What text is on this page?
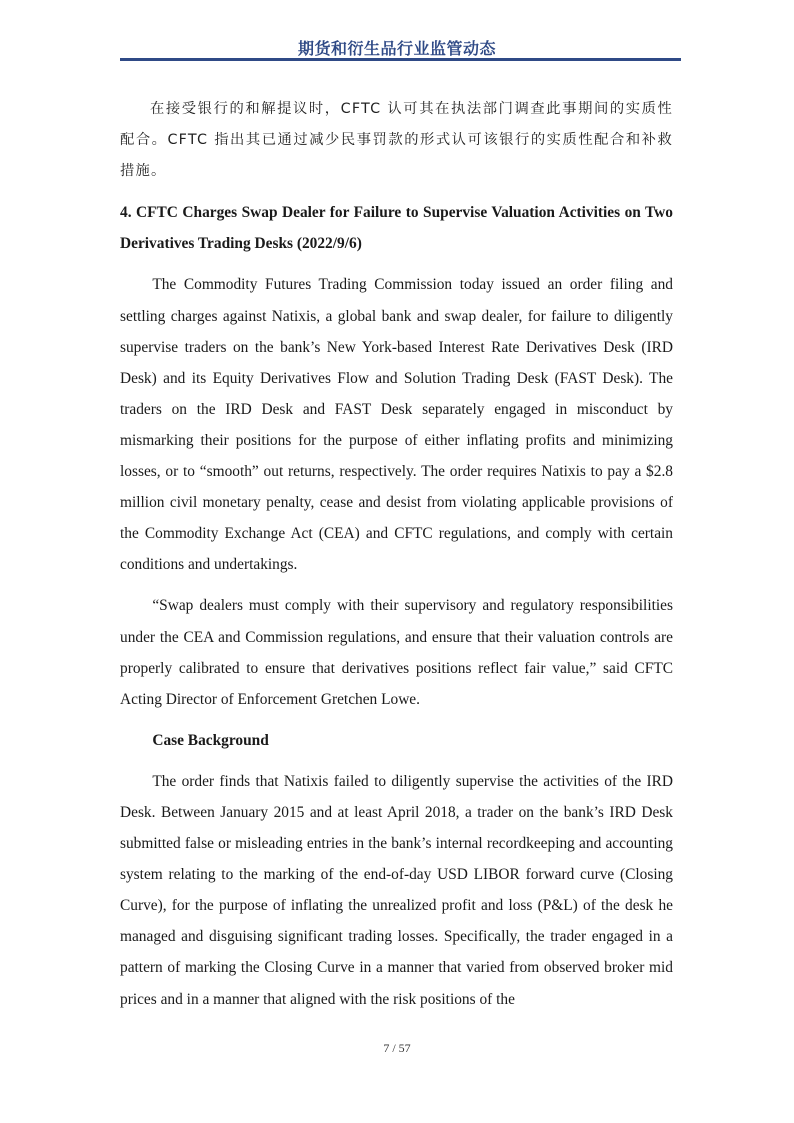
期货和衍生品行业监管动态

在接受银行的和解提议时，CFTC 认可其在执法部门调查此事期间的实质性配合。CFTC 指出其已通过减少民事罚款的形式认可该银行的实质性配合和补救措施。

4. CFTC Charges Swap Dealer for Failure to Supervise Valuation Activities on Two Derivatives Trading Desks (2022/9/6)

The Commodity Futures Trading Commission today issued an order filing and settling charges against Natixis, a global bank and swap dealer, for failure to diligently supervise traders on the bank’s New York-based Interest Rate Derivatives Desk (IRD Desk) and its Equity Derivatives Flow and Solution Trading Desk (FAST Desk). The traders on the IRD Desk and FAST Desk separately engaged in misconduct by mismarking their positions for the purpose of either inflating profits and minimizing losses, or to “smooth” out returns, respectively. The order requires Natixis to pay a $2.8 million civil monetary penalty, cease and desist from violating applicable provisions of the Commodity Exchange Act (CEA) and CFTC regulations, and comply with certain conditions and undertakings.

“Swap dealers must comply with their supervisory and regulatory responsibilities under the CEA and Commission regulations, and ensure that their valuation controls are properly calibrated to ensure that derivatives positions reflect fair value,” said CFTC Acting Director of Enforcement Gretchen Lowe.

Case Background

The order finds that Natixis failed to diligently supervise the activities of the IRD Desk. Between January 2015 and at least April 2018, a trader on the bank’s IRD Desk submitted false or misleading entries in the bank’s internal recordkeeping and accounting system relating to the marking of the end-of-day USD LIBOR forward curve (Closing Curve), for the purpose of inflating the unrealized profit and loss (P&L) of the desk he managed and disguising significant trading losses. Specifically, the trader engaged in a pattern of marking the Closing Curve in a manner that varied from observed broker mid prices and in a manner that aligned with the risk positions of the

7 / 57
